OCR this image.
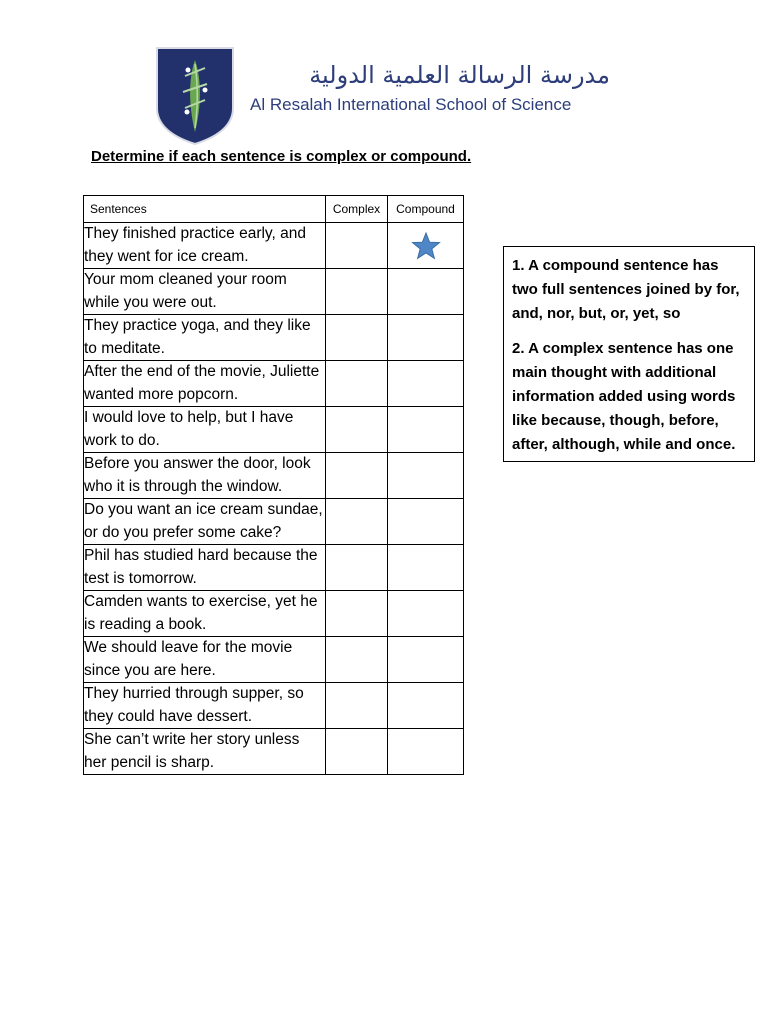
مدرسة الرسالة العلمية الدولية
Al Resalah International School of Science
Determine if each sentence is complex or compound.
Sentences	Complex	Compound
They finished practice early, and they went for ice cream.		
Your mom cleaned your room while you were out.		
They practice yoga, and they like to meditate.		
After the end of the movie, Juliette wanted more popcorn.		
I would love to help, but I have work to do.		
Before you answer the door, look who it is through the window.		
Do you want an ice cream sundae, or do you prefer some cake?		
Phil has studied hard because the test is tomorrow.		
Camden wants to exercise, yet he is reading a book.		
We should leave for the movie since you are here.		
They hurried through supper, so they could have dessert.		
She can’t write her story unless her pencil is sharp.		

1. A compound sentence has two full sentences joined by for, and, nor, but, or, yet, so

2. A complex sentence has one main thought with additional information added using words like because, though, before, after, although, while and once.
